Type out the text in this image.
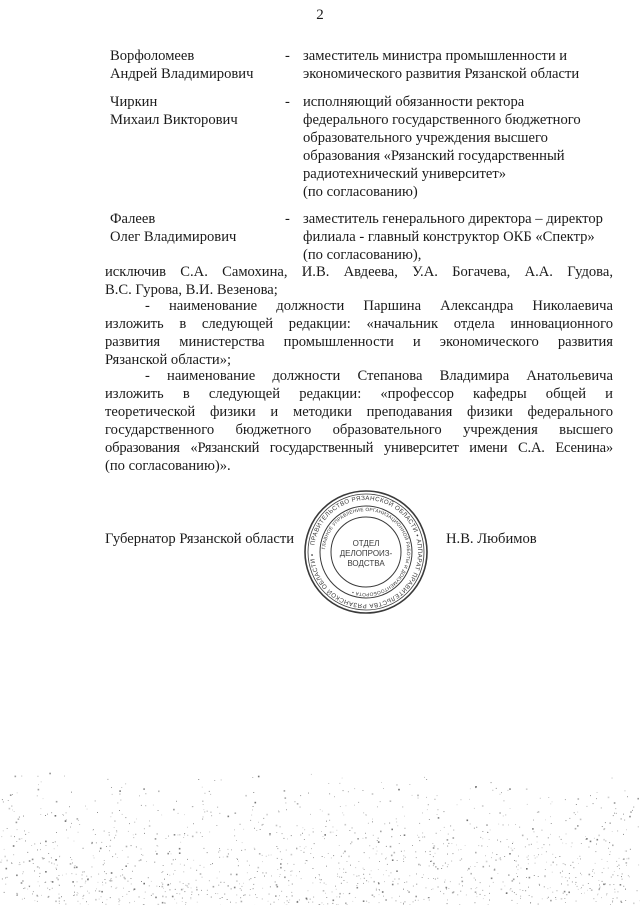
2
Ворфоломеев
Андрей Владимирович
- заместитель министра промышленности и
экономического развития Рязанской области
Чиркин
Михаил Викторович
- исполняющий обязанности ректора
федерального государственного бюджетного
образовательного учреждения высшего
образования «Рязанский государственный
радиотехнический университет»
(по согласованию)
Фалеев
Олег Владимирович
- заместитель генерального директора – директор
филиала - главный конструктор ОКБ «Спектр»
(по согласованию),
исключив С.А. Самохина, И.В. Авдеева, У.А. Богачева, А.А. Гудова,
В.С. Гурова, В.И. Везенова;
- наименование должности Паршина Александра Николаевича
изложить в следующей редакции: «начальник отдела инновационного
развития министерства промышленности и экономического развития
Рязанской области»;
- наименование должности Степанова Владимира Анатольевича
изложить в следующей редакции: «профессор кафедры общей и
теоретической физики и методики преподавания физики федерального
государственного бюджетного образовательного учреждения высшего
образования «Рязанский государственный университет имени С.А. Есенина»
(по согласованию)».
Губернатор Рязанской области	Н.В. Любимов
ПРАВИТЕЛЬСТВО РЯЗАНСКОЙ ОБЛАСТИ • АППАРАТ ПРАВИТЕЛЬСТВА РЯЗАНСКОЙ ОБЛАСТИ •
ГЛАВНОЕ УПРАВЛЕНИЕ ОРГАНИЗАЦИОННОЙ РАБОТЫ И ДОКУМЕНТООБОРОТА •
ОТДЕЛ
ДЕЛОПРОИЗ-
ВОДСТВА
